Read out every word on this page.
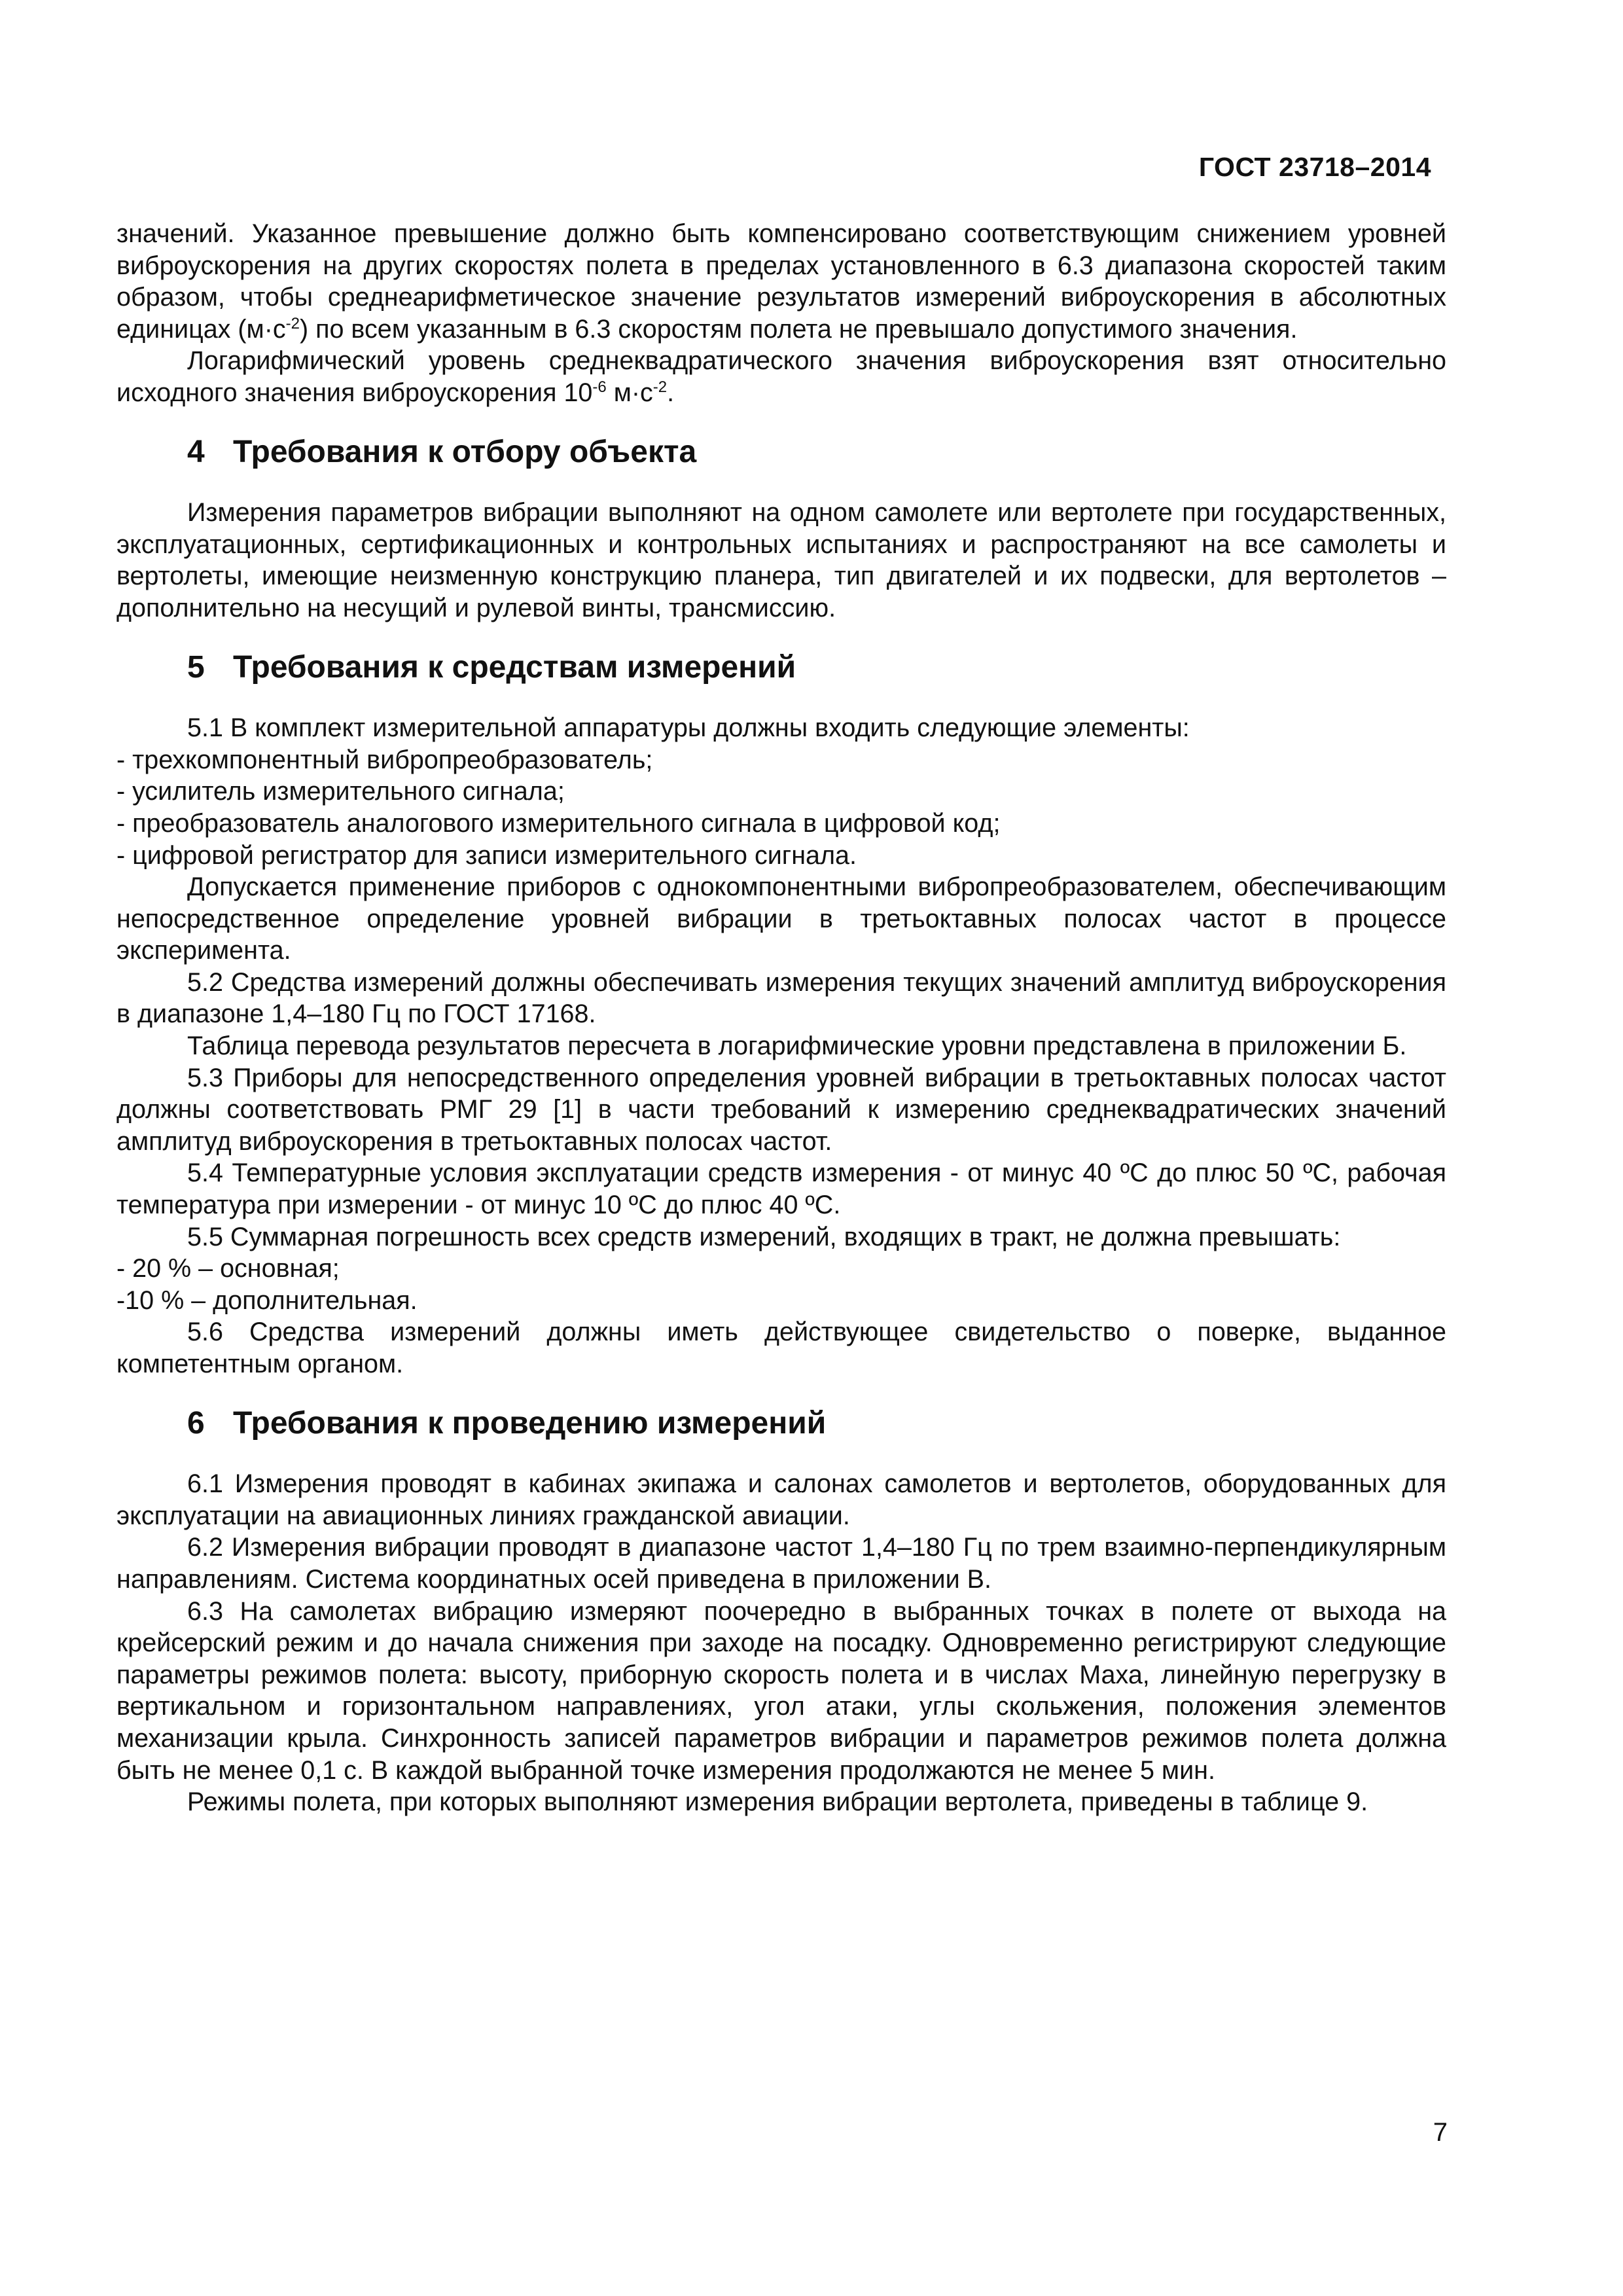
ГОСТ 23718–2014

значений. Указанное превышение должно быть компенсировано соответствующим снижением уровней виброускорения на других скоростях полета в пределах установленного в 6.3 диапазона скоростей таким образом, чтобы среднеарифметическое значение результатов измерений виброускорения в абсолютных единицах $(м\cdot с^{-2})$ по всем указанным в 6.3 скоростям полета не превышало допустимого значения.

Логарифмический уровень среднеквадратического значения виброускорения взят относительно исходного значения виброускорения $10^{-6}$ $м\cdot с^{-2}$.

4 Требования к отбору объекта

Измерения параметров вибрации выполняют на одном самолете или вертолете при государственных, эксплуатационных, сертификационных и контрольных испытаниях и распространяют на все самолеты и вертолеты, имеющие неизменную конструкцию планера, тип двигателей и их подвески, для вертолетов – дополнительно на несущий и рулевой винты, трансмиссию.

5 Требования к средствам измерений

5.1 В комплект измерительной аппаратуры должны входить следующие элементы:

- трехкомпонентный вибропреобразователь;

- усилитель измерительного сигнала;

- преобразователь аналогового измерительного сигнала в цифровой код;

- цифровой регистратор для записи измерительного сигнала.

Допускается применение приборов с однокомпонентными вибропреобразователем, обеспечивающим непосредственное определение уровней вибрации в третьоктавных полосах частот в процессе эксперимента.

5.2 Средства измерений должны обеспечивать измерения текущих значений амплитуд виброускорения в диапазоне 1,4–180 Гц по ГОСТ 17168.

Таблица перевода результатов пересчета в логарифмические уровни представлена в приложении Б.

5.3 Приборы для непосредственного определения уровней вибрации в третьоктавных полосах частот должны соответствовать РМГ 29 [1] в части требований к измерению среднеквадратических значений амплитуд виброускорения в третьоктавных полосах частот.

5.4 Температурные условия эксплуатации средств измерения - от минус 40 ºС до плюс 50 ºС, рабочая температура при измерении - от минус 10 ºС до плюс 40 ºС.

5.5 Суммарная погрешность всех средств измерений, входящих в тракт, не должна превышать:

- 20 % – основная;

-10 % – дополнительная.

5.6 Средства измерений должны иметь действующее свидетельство о поверке, выданное компетентным органом.

6 Требования к проведению измерений

6.1 Измерения проводят в кабинах экипажа и салонах самолетов и вертолетов, оборудованных для эксплуатации на авиационных линиях гражданской авиации.

6.2 Измерения вибрации проводят в диапазоне частот 1,4–180 Гц по трем взаимно-перпендикулярным направлениям. Система координатных осей приведена в приложении В.

6.3 На самолетах вибрацию измеряют поочередно в выбранных точках в полете от выхода на крейсерский режим и до начала снижения при заходе на посадку. Одновременно регистрируют следующие параметры режимов полета: высоту, приборную скорость полета и в числах Маха, линейную перегрузку в вертикальном и горизонтальном направлениях, угол атаки, углы скольжения, положения элементов механизации крыла. Синхронность записей параметров вибрации и параметров режимов полета должна быть не менее 0,1 с. В каждой выбранной точке измерения продолжаются не менее 5 мин.

Режимы полета, при которых выполняют измерения вибрации вертолета, приведены в таблице 9.

7
